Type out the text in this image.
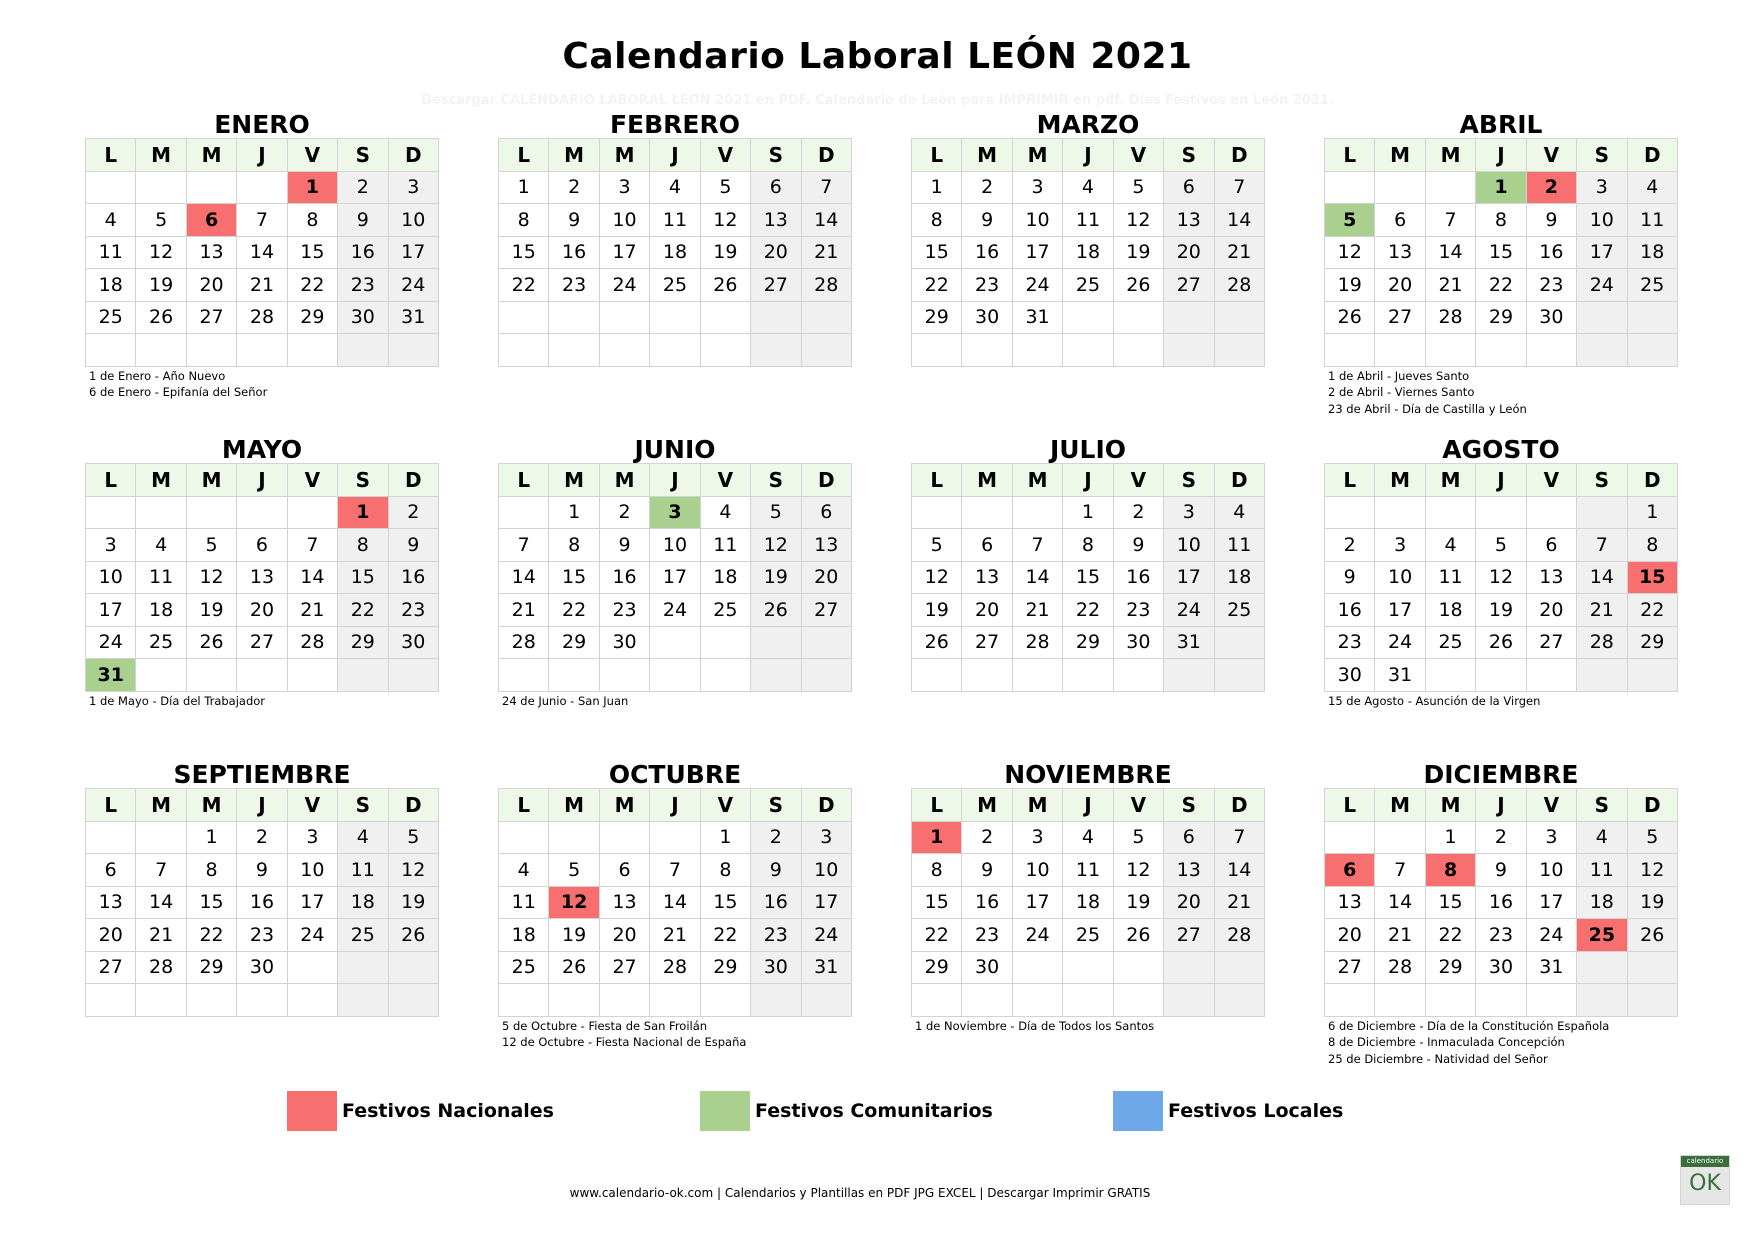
Calendario Laboral LEÓN 2021
Descargar CALENDARIO LABORAL LEÓN 2021 en PDF. Calendario de León para IMPRIMIR en pdf. Días Festivos en León 2021.
ENERO
L	M	M	J	V	S	D
				1	2	3
4	5	6	7	8	9	10
11	12	13	14	15	16	17
18	19	20	21	22	23	24
25	26	27	28	29	30	31

1 de Enero - Año Nuevo
6 de Enero - Epifanía del Señor
FEBRERO
L	M	M	J	V	S	D
1	2	3	4	5	6	7
8	9	10	11	12	13	14
15	16	17	18	19	20	21
22	23	24	25	26	27	28

MARZO
L	M	M	J	V	S	D
1	2	3	4	5	6	7
8	9	10	11	12	13	14
15	16	17	18	19	20	21
22	23	24	25	26	27	28
29	30	31				

ABRIL
L	M	M	J	V	S	D
			1	2	3	4
5	6	7	8	9	10	11
12	13	14	15	16	17	18
19	20	21	22	23	24	25
26	27	28	29	30		

1 de Abril - Jueves Santo
2 de Abril - Viernes Santo
23 de Abril - Día de Castilla y León
MAYO
L	M	M	J	V	S	D
					1	2
3	4	5	6	7	8	9
10	11	12	13	14	15	16
17	18	19	20	21	22	23
24	25	26	27	28	29	30
31						
1 de Mayo - Día del Trabajador
JUNIO
L	M	M	J	V	S	D
	1	2	3	4	5	6
7	8	9	10	11	12	13
14	15	16	17	18	19	20
21	22	23	24	25	26	27
28	29	30				

24 de Junio - San Juan
JULIO
L	M	M	J	V	S	D
			1	2	3	4
5	6	7	8	9	10	11
12	13	14	15	16	17	18
19	20	21	22	23	24	25
26	27	28	29	30	31	

AGOSTO
L	M	M	J	V	S	D
						1
2	3	4	5	6	7	8
9	10	11	12	13	14	15
16	17	18	19	20	21	22
23	24	25	26	27	28	29
30	31					
15 de Agosto - Asunción de la Virgen
SEPTIEMBRE
L	M	M	J	V	S	D
		1	2	3	4	5
6	7	8	9	10	11	12
13	14	15	16	17	18	19
20	21	22	23	24	25	26
27	28	29	30			

OCTUBRE
L	M	M	J	V	S	D
				1	2	3
4	5	6	7	8	9	10
11	12	13	14	15	16	17
18	19	20	21	22	23	24
25	26	27	28	29	30	31

5 de Octubre - Fiesta de San Froilán
12 de Octubre - Fiesta Nacional de España
NOVIEMBRE
L	M	M	J	V	S	D
1	2	3	4	5	6	7
8	9	10	11	12	13	14
15	16	17	18	19	20	21
22	23	24	25	26	27	28
29	30					

1 de Noviembre - Día de Todos los Santos
DICIEMBRE
L	M	M	J	V	S	D
		1	2	3	4	5
6	7	8	9	10	11	12
13	14	15	16	17	18	19
20	21	22	23	24	25	26
27	28	29	30	31		

6 de Diciembre - Día de la Constitución Española
8 de Diciembre - Inmaculada Concepción
25 de Diciembre - Natividad del Señor
Festivos Nacionales	Festivos Comunitarios	Festivos Locales
www.calendario-ok.com | Calendarios y Plantillas en PDF JPG EXCEL | Descargar Imprimir GRATIS
calendario
OK
